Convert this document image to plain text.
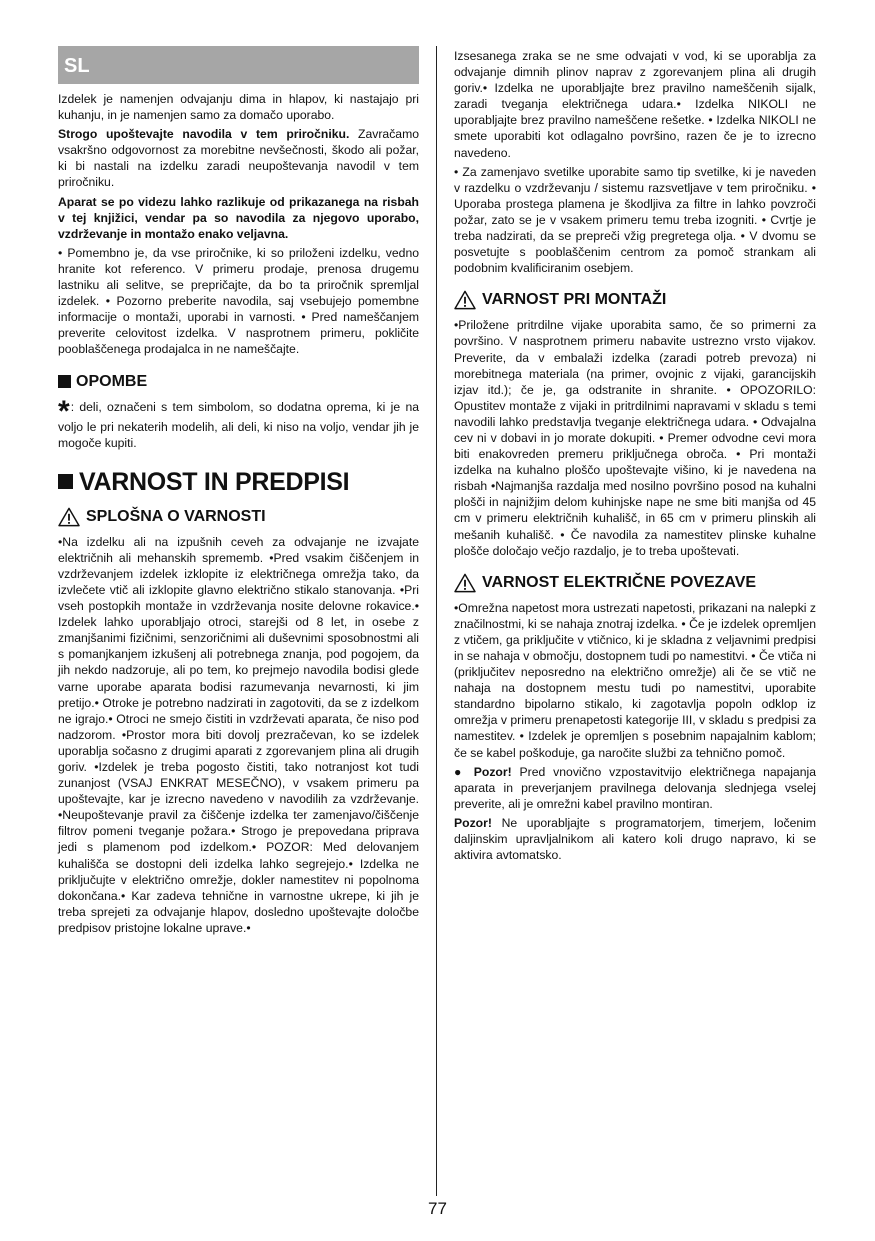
SL

Izdelek je namenjen odvajanju dima in hlapov, ki nastajajo pri kuhanju, in je namenjen samo za domačo uporabo.

Strogo upoštevajte navodila v tem priročniku. Zavračamo vsakršno odgovornost za morebitne nevšečnosti, škodo ali požar, ki bi nastali na izdelku zaradi neupoštevanja navodil v tem priročniku.

Aparat se po videzu lahko razlikuje od prikazanega na risbah v tej knjižici, vendar pa so navodila za njegovo uporabo, vzdrževanje in montažo enako veljavna.

• Pomembno je, da vse priročnike, ki so priloženi izdelku, vedno hranite kot referenco. V primeru prodaje, prenosa drugemu lastniku ali selitve, se prepričajte, da bo ta priročnik spremljal izdelek. • Pozorno preberite navodila, saj vsebujejo pomembne informacije o montaži, uporabi in varnosti. • Pred nameščanjem preverite celovitost izdelka. V nasprotnem primeru, pokličite pooblaščenega prodajalca in ne nameščajte.

OPOMBE

*: deli, označeni s tem simbolom, so dodatna oprema, ki je na voljo le pri nekaterih modelih, ali deli, ki niso na voljo, vendar jih je mogoče kupiti.

VARNOST IN PREDPISI
SPLOŠNA O VARNOSTI

•Na izdelku ali na izpušnih ceveh za odvajanje ne izvajate električnih ali mehanskih sprememb. •Pred vsakim čiščenjem in vzdrževanjem izdelek izklopite iz električnega omrežja tako, da izvlečete vtič ali izklopite glavno električno stikalo stanovanja. •Pri vseh postopkih montaže in vzdrževanja nosite delovne rokavice.• Izdelek lahko uporabljajo otroci, starejši od 8 let, in osebe z zmanjšanimi fizičnimi, senzoričnimi ali duševnimi sposobnostmi ali s pomanjkanjem izkušenj ali potrebnega znanja, pod pogojem, da jih nekdo nadzoruje, ali po tem, ko prejmejo navodila bodisi glede varne uporabe aparata bodisi razumevanja nevarnosti, ki jim pretijo.• Otroke je potrebno nadzirati in zagotoviti, da se z izdelkom ne igrajo.• Otroci ne smejo čistiti in vzdrževati aparata, če niso pod nadzorom. •Prostor mora biti dovolj prezračevan, ko se izdelek uporablja sočasno z drugimi aparati z zgorevanjem plina ali drugih goriv. •Izdelek je treba pogosto čistiti, tako notranjost kot tudi zunanjost (VSAJ ENKRAT MESEČNO), v vsakem primeru pa upoštevajte, kar je izrecno navedeno v navodilih za vzdrževanje. •Neupoštevanje pravil za čiščenje izdelka ter zamenjavo/čiščenje filtrov pomeni tveganje požara.• Strogo je prepovedana priprava jedi s plamenom pod izdelkom.• POZOR: Med delovanjem kuhališča se dostopni deli izdelka lahko segrejejo.• Izdelka ne priključujte v električno omrežje, dokler namestitev ni popolnoma dokončana.• Kar zadeva tehnične in varnostne ukrepe, ki jih je treba sprejeti za odvajanje hlapov, dosledno upoštevajte določbe predpisov pristojne lokalne uprave.•

Izsesanega zraka se ne sme odvajati v vod, ki se uporablja za odvajanje dimnih plinov naprav z zgorevanjem plina ali drugih goriv.• Izdelka ne uporabljajte brez pravilno nameščenih sijalk, zaradi tveganja električnega udara.• Izdelka NIKOLI ne uporabljajte brez pravilno nameščene rešetke. • Izdelka NIKOLI ne smete uporabiti kot odlagalno površino, razen če je to izrecno navedeno.

• Za zamenjavo svetilke uporabite samo tip svetilke, ki je naveden v razdelku o vzdrževanju / sistemu razsvetljave v tem priročniku. • Uporaba prostega plamena je škodljiva za filtre in lahko povzroči požar, zato se je v vsakem primeru temu treba izogniti. • Cvrtje je treba nadzirati, da se prepreči vžig pregretega olja. • V dvomu se posvetujte s pooblaščenim centrom za pomoč strankam ali podobnim kvalificiranim osebjem.

VARNOST PRI MONTAŽI

•Priložene pritrdilne vijake uporabita samo, če so primerni za površino. V nasprotnem primeru nabavite ustrezno vrsto vijakov. Preverite, da v embalaži izdelka (zaradi potreb prevoza) ni morebitnega materiala (na primer, ovojnic z vijaki, garancijskih izjav itd.); če je, ga odstranite in shranite. • OPOZORILO: Opustitev montaže z vijaki in pritrdilnimi napravami v skladu s temi navodili lahko predstavlja tveganje električnega udara. • Odvajalna cev ni v dobavi in jo morate dokupiti. • Premer odvodne cevi mora biti enakovreden premeru priključnega obroča. • Pri montaži izdelka na kuhalno ploščo upoštevajte višino, ki je navedena na risbah •Najmanjša razdalja med nosilno površino posod na kuhalni plošči in najnižjim delom kuhinjske nape ne sme biti manjša od 45 cm v primeru električnih kuhališč, in 65 cm v primeru plinskih ali mešanih kuhališč. • Če navodila za namestitev plinske kuhalne plošče določajo večjo razdaljo, je to treba upoštevati.

VARNOST ELEKTRIČNE POVEZAVE

•Omrežna napetost mora ustrezati napetosti, prikazani na nalepki z značilnostmi, ki se nahaja znotraj izdelka. • Če je izdelek opremljen z vtičem, ga priključite v vtičnico, ki je skladna z veljavnimi predpisi in se nahaja v območju, dostopnem tudi po namestitvi. • Če vtiča ni (priključitev neposredno na električno omrežje) ali če se vtič ne nahaja na dostopnem mestu tudi po namestitvi, uporabite standardno bipolarno stikalo, ki zagotavlja popoln odklop iz omrežja v primeru prenapetosti kategorije III, v skladu s predpisi za namestitev. • Izdelek je opremljen s posebnim napajalnim kablom; če se kabel poškoduje, ga naročite službi za tehnično pomoč.

● Pozor! Pred vnovično vzpostavitvijo električnega napajanja aparata in preverjanjem pravilnega delovanja slednjega vselej preverite, ali je omrežni kabel pravilno montiran.

Pozor! Ne uporabljajte s programatorjem, timerjem, ločenim daljinskim upravljalnikom ali katero koli drugo napravo, ki se aktivira avtomatsko.

77
